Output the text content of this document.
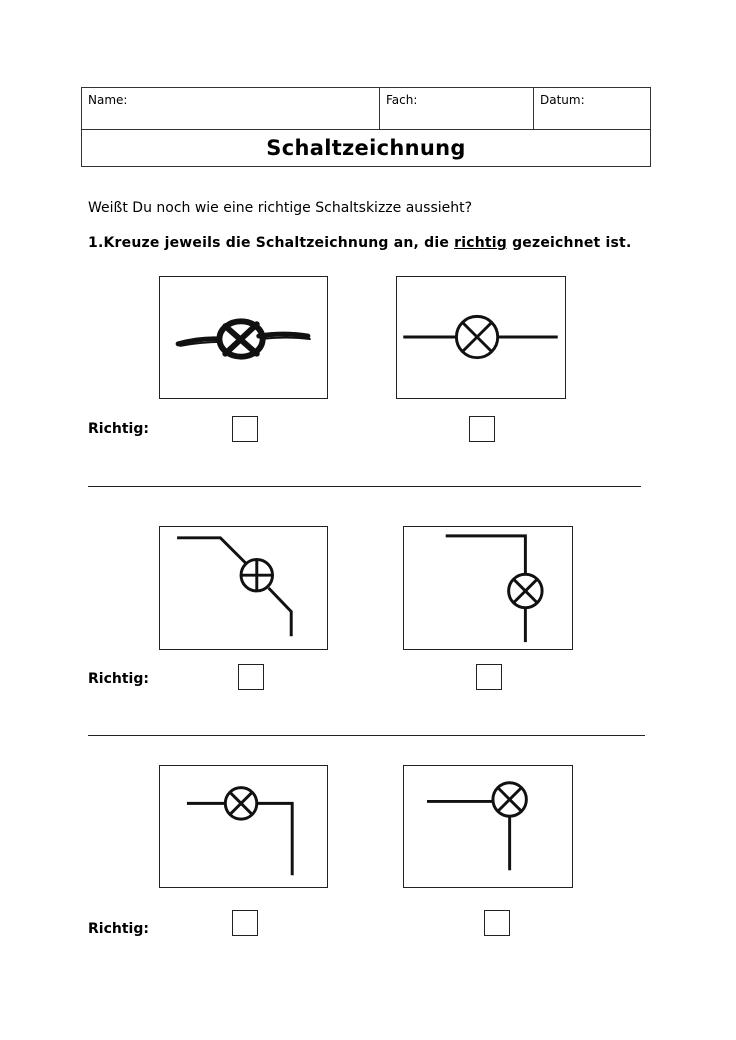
Name:	Fach:	Datum:
Schaltzeichnung
Weißt Du noch wie eine richtige Schaltskizze aussieht?
1.Kreuze jeweils die Schaltzeichnung an, die richtig gezeichnet ist.
Richtig:
Richtig:
Richtig:
